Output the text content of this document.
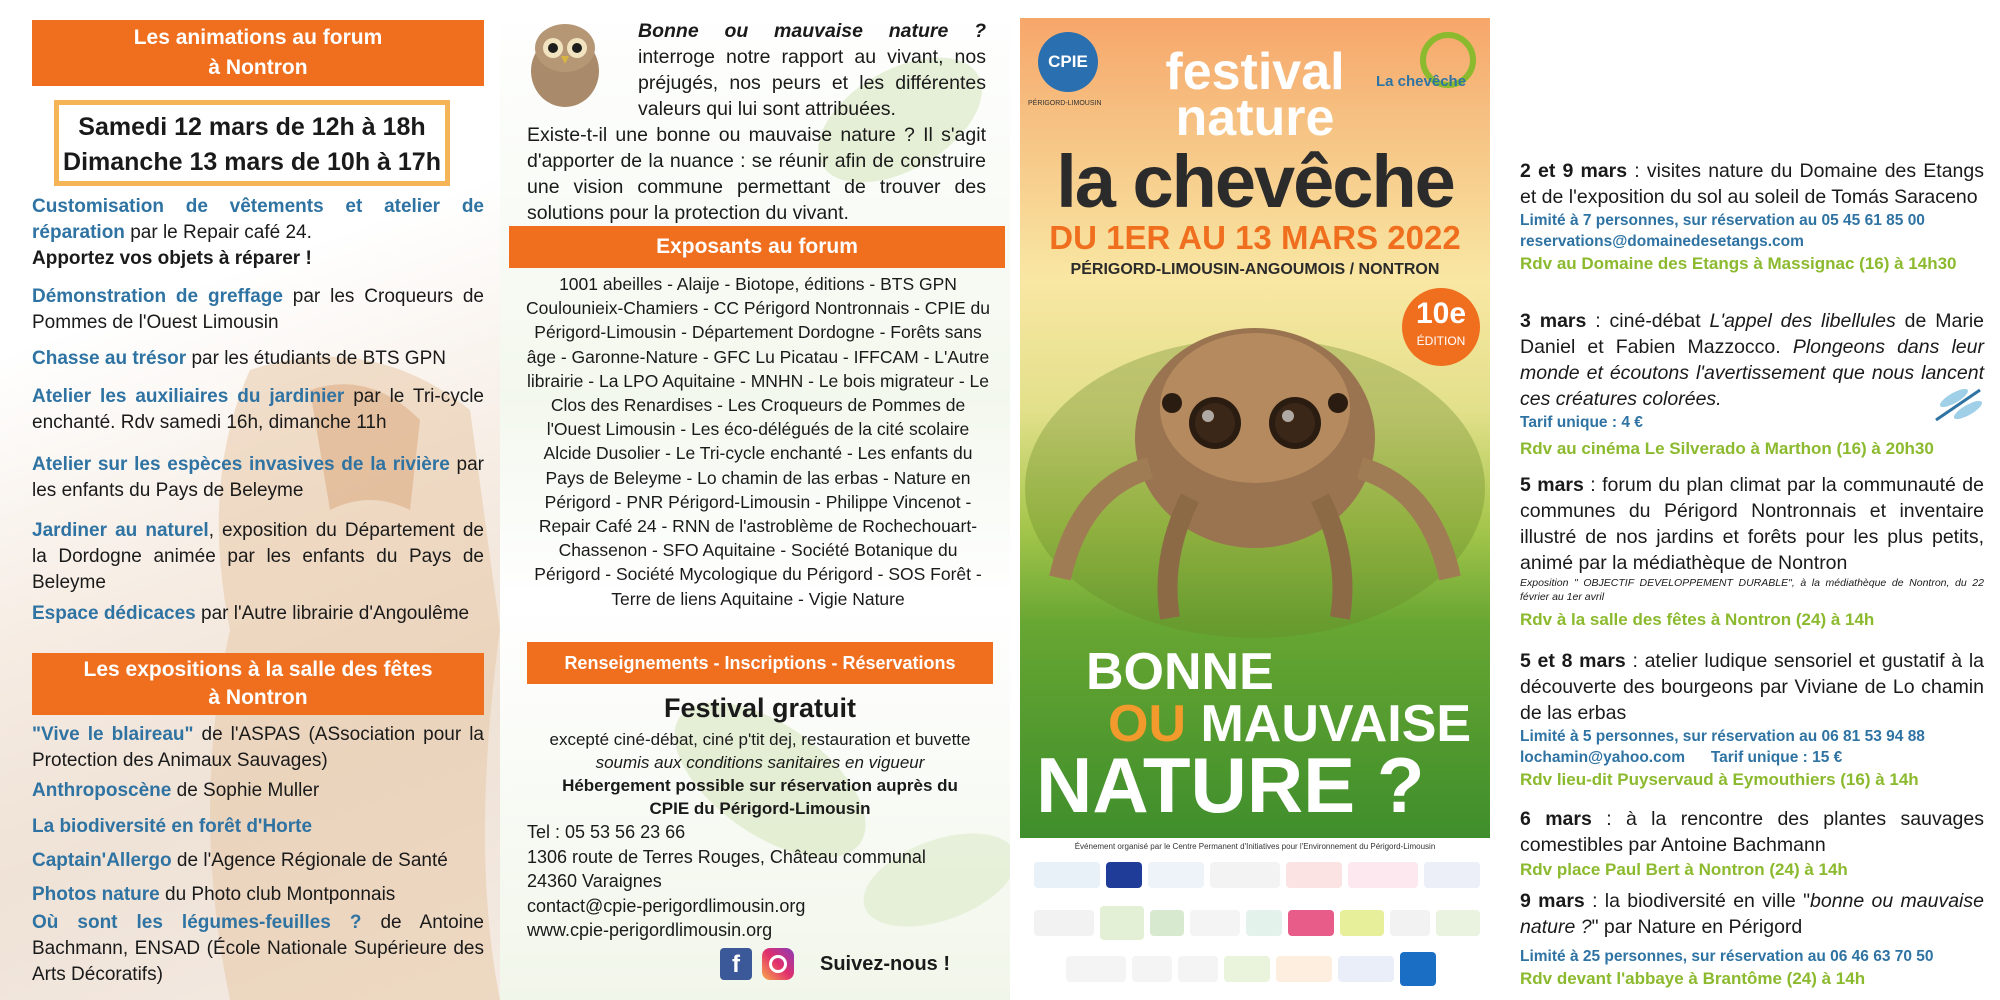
Les animations au forum
à Nontron
Samedi 12 mars de 12h à 18h
Dimanche 13 mars de 10h à 17h
Customisation de vêtements et atelier de réparation par le Repair café 24.
Apportez vos objets à réparer !
Démonstration de greffage par les Croqueurs de Pommes de l'Ouest Limousin
Chasse au trésor par les étudiants de BTS GPN
Atelier les auxiliaires du jardinier par le Tri-cycle enchanté. Rdv samedi 16h, dimanche 11h
Atelier sur les espèces invasives de la rivière par les enfants du Pays de Beleyme
Jardiner au naturel, exposition du Département de la Dordogne animée par les enfants du Pays de Beleyme
Espace dédicaces par l'Autre librairie d'Angoulême
Les expositions à la salle des fêtes
à Nontron
"Vive le blaireau" de l'ASPAS (ASsociation pour la Protection des Animaux Sauvages)
Anthroposcène de Sophie Muller
La biodiversité en forêt d'Horte
Captain'Allergo de l'Agence Régionale de Santé
Photos nature du Photo club Montponnais
Où sont les légumes-feuilles ? de Antoine Bachmann, ENSAD (École Nationale Supérieure des Arts Décoratifs)
Bonne ou mauvaise nature ? interroge notre rapport au vivant, nos préjugés, nos peurs et les différentes valeurs qui lui sont attribuées.
Existe-t-il une bonne ou mauvaise nature ? Il s'agit d'apporter de la nuance : se réunir afin de construire une vision commune permettant de trouver des solutions pour la protection du vivant.
Exposants au forum
1001 abeilles - Alaije - Biotope, éditions - BTS GPN Coulounieix-Chamiers - CC Périgord Nontronnais - CPIE du Périgord-Limousin - Département Dordogne - Forêts sans âge - Garonne-Nature - GFC Lu Picatau - IFFCAM - L'Autre librairie - La LPO Aquitaine - MNHN - Le bois migrateur - Le Clos des Renardises - Les Croqueurs de Pommes de l'Ouest Limousin - Les éco-délégués de la cité scolaire Alcide Dusolier - Le Tri-cycle enchanté - Les enfants du Pays de Beleyme - Lo chamin de las erbas - Nature en Périgord - PNR Périgord-Limousin - Philippe Vincenot - Repair Café 24 - RNN de l'astroblème de Rochechouart-Chassenon - SFO Aquitaine - Société Botanique du Périgord - Société Mycologique du Périgord - SOS Forêt - Terre de liens Aquitaine - Vigie Nature
Renseignements - Inscriptions - Réservations
Festival gratuit
excepté ciné-débat, ciné p'tit dej, restauration et buvette
soumis aux conditions sanitaires en vigueur
Hébergement possible sur réservation auprès du
CPIE du Périgord-Limousin
Tel : 05 53 56 23 66
1306 route de Terres Rouges, Château communal
24360 Varaignes
contact@cpie-perigordlimousin.org
www.cpie-perigordlimousin.org
f	Suivez-nous !
CPIE
PÉRIGORD-LIMOUSIN
La chevêche
festival
nature
la chevêche
DU 1ER AU 13 MARS 2022
PÉRIGORD-LIMOUSIN-ANGOUMOIS / NONTRON
10e
ÉDITION
BONNE
OU MAUVAISE
NATURE ?
Événement organisé par le Centre Permanent d'Initiatives pour l'Environnement du Périgord-Limousin
2 et 9 mars : visites nature du Domaine des Etangs et de l'exposition du sol au soleil de Tomás Saraceno
Limité à 7 personnes, sur réservation au 05 45 61 85 00
reservations@domainedesetangs.com
Rdv au Domaine des Etangs à Massignac (16) à 14h30
3 mars : ciné-débat L'appel des libellules de Marie Daniel et Fabien Mazzocco. Plongeons dans leur monde et écoutons l'avertissement que nous lancent ces créatures colorées.
Tarif unique : 4 €
Rdv au cinéma Le Silverado à Marthon (16) à 20h30
5 mars : forum du plan climat par la communauté de communes du Périgord Nontronnais et inventaire illustré de nos jardins et forêts pour les plus petits, animé par la médiathèque de Nontron
Exposition " OBJECTIF DEVELOPPEMENT DURABLE", à la médiathèque de Nontron, du 22 février au 1er avril
Rdv à la salle des fêtes à Nontron (24) à 14h
5 et 8 mars : atelier ludique sensoriel et gustatif à la découverte des bourgeons par Viviane de Lo chamin de las erbas
Limité à 5 personnes, sur réservation au 06 81 53 94 88
lochamin@yahoo.com      Tarif unique : 15 €
Rdv lieu-dit Puyservaud à Eymouthiers (16) à 14h
6 mars : à la rencontre des plantes sauvages comestibles par Antoine Bachmann
Rdv place Paul Bert à Nontron (24) à 14h
9 mars : la biodiversité en ville "bonne ou mauvaise nature ?" par Nature en Périgord
Limité à 25 personnes, sur réservation au 06 46 63 70 50
Rdv devant l'abbaye à Brantôme (24) à 14h
